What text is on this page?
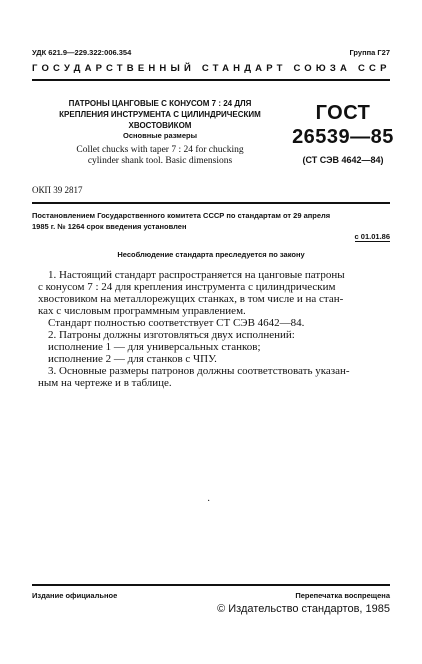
УДК 621.9—229.322:006.354	Группа Г27
ГОСУДАРСТВЕННЫЙ СТАНДАРТ СОЮЗА ССР
ПАТРОНЫ ЦАНГОВЫЕ С КОНУСОМ 7 : 24 ДЛЯ
КРЕПЛЕНИЯ ИНСТРУМЕНТА С ЦИЛИНДРИЧЕСКИМ
ХВОСТОВИКОМ
Основные размеры
Collet chucks with taper 7 : 24 for chucking
cylinder shank tool. Basic dimensions
ГОСТ
26539—85
(СТ СЭВ 4642—84)
ОКП 39 2817
Постановлением Государственного комитета СССР по стандартам от 29 апреля
1985 г. № 1264 срок введения установлен
с 01.01.86
Несоблюдение стандарта преследуется по закону

1. Настоящий стандарт распространяется на цанговые патроны

с конусом 7 : 24 для крепления инструмента с цилиндрическим

хвостовиком на металлорежущих станках, в том числе и на стан-

ках с числовым программным управлением.

Стандарт полностью соответствует СТ СЭВ 4642—84.

2. Патроны должны изготовляться двух исполнений:

исполнение 1 — для универсальных станков;

исполнение 2 — для станков с ЧПУ.

3. Основные размеры патронов должны соответствовать указан-

ным на чертеже и в таблице.

·
Издание официальное	Перепечатка воспрещена
© Издательство стандартов, 1985
